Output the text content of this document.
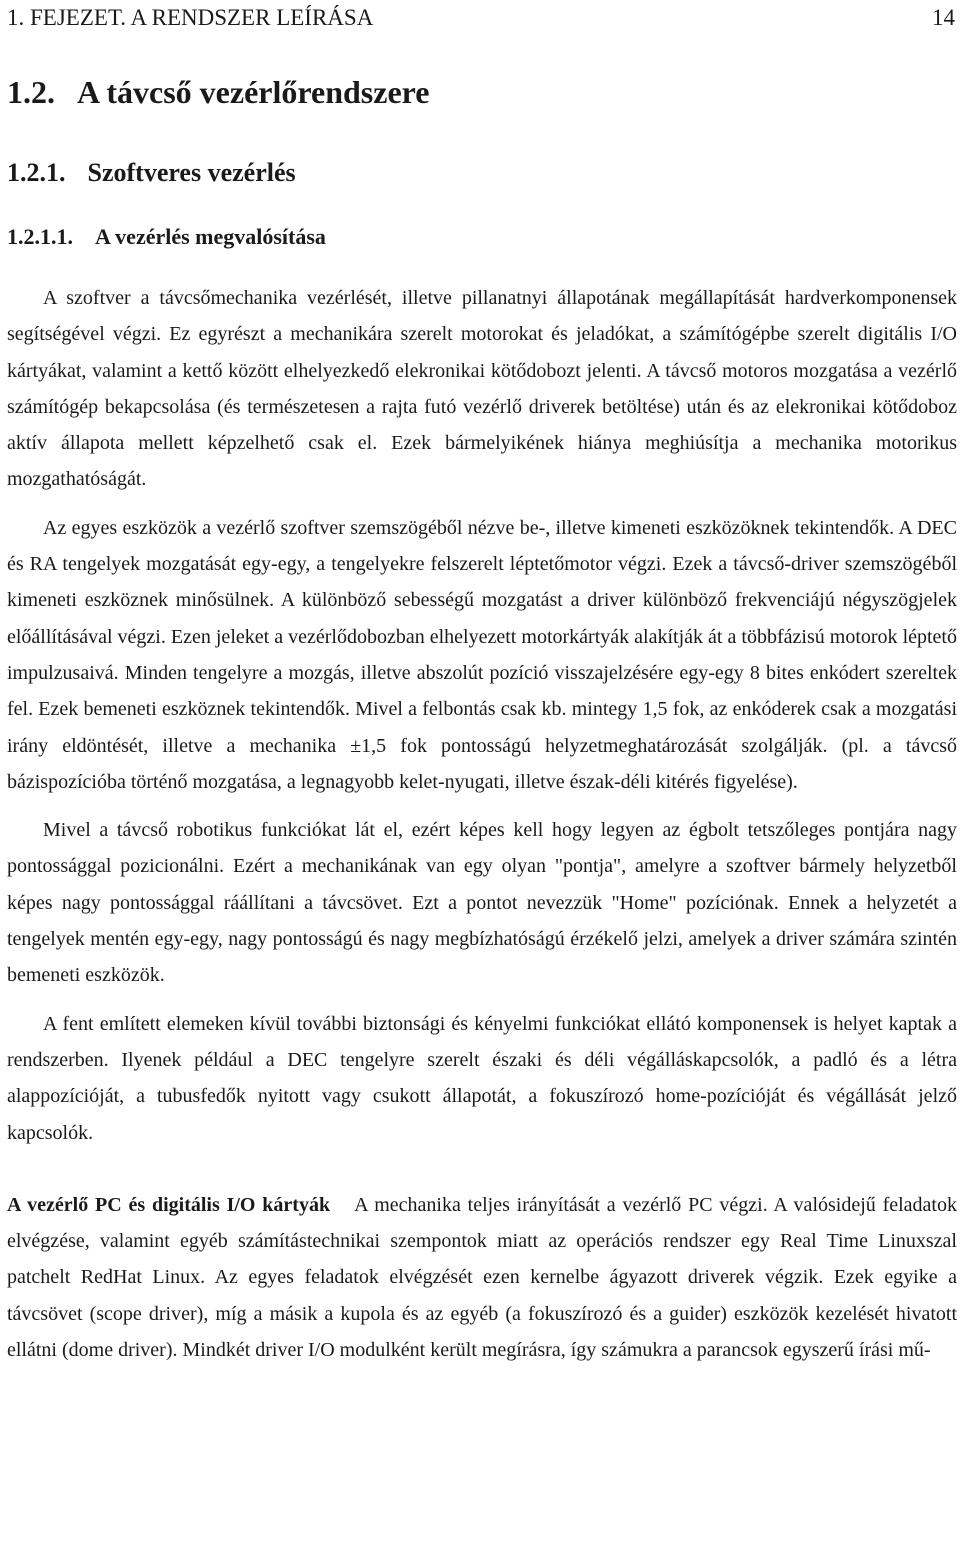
1. FEJEZET. A RENDSZER LEÍRÁSA	14
1.2. A távcső vezérlőrendszere
1.2.1. Szoftveres vezérlés
1.2.1.1. A vezérlés megvalósítása

A szoftver a távcsőmechanika vezérlését, illetve pillanatnyi állapotának megállapítását hardverkomponensek segítségével végzi. Ez egyrészt a mechanikára szerelt motorokat és jeladókat, a számítógépbe szerelt digitális I/O kártyákat, valamint a kettő között elhelyezkedő elekronikai kötődobozt jelenti. A távcső motoros mozgatása a vezérlő számítógép bekapcsolása (és természetesen a rajta futó vezérlő driverek betöltése) után és az elekronikai kötődoboz aktív állapota mellett képzelhető csak el. Ezek bármelyikének hiánya meghiúsítja a mechanika motorikus mozgathatóságát.

Az egyes eszközök a vezérlő szoftver szemszögéből nézve be-, illetve kimeneti eszközöknek tekintendők. A DEC és RA tengelyek mozgatását egy-egy, a tengelyekre felszerelt léptetőmotor végzi. Ezek a távcső-driver szemszögéből kimeneti eszköznek minősülnek. A különböző sebességű mozgatást a driver különböző frekvenciájú négyszögjelek előállításával végzi. Ezen jeleket a vezérlődobozban elhelyezett motorkártyák alakítják át a többfázisú motorok léptető impulzusaivá. Minden tengelyre a mozgás, illetve abszolút pozíció visszajelzésére egy-egy 8 bites enkódert szereltek fel. Ezek bemeneti eszköznek tekintendők. Mivel a felbontás csak kb. mintegy 1,5 fok, az enkóderek csak a mozgatási irány eldöntését, illetve a mechanika ±1,5 fok pontosságú helyzetmeghatározását szolgálják. (pl. a távcső bázispozícióba történő mozgatása, a legnagyobb kelet-nyugati, illetve észak-déli kitérés figyelése).

Mivel a távcső robotikus funkciókat lát el, ezért képes kell hogy legyen az égbolt tetszőleges pontjára nagy pontossággal pozicionálni. Ezért a mechanikának van egy olyan "pontja", amelyre a szoftver bármely helyzetből képes nagy pontossággal ráállítani a távcsövet. Ezt a pontot nevezzük "Home" pozíciónak. Ennek a helyzetét a tengelyek mentén egy-egy, nagy pontosságú és nagy megbízhatóságú érzékelő jelzi, amelyek a driver számára szintén bemeneti eszközök.

A fent említett elemeken kívül további biztonsági és kényelmi funkciókat ellátó komponensek is helyet kaptak a rendszerben. Ilyenek például a DEC tengelyre szerelt északi és déli végálláskapcsolók, a padló és a létra alappozícióját, a tubusfedők nyitott vagy csukott állapotát, a fokuszírozó home-pozícióját és végállását jelző kapcsolók.

A vezérlő PC és digitális I/O kártyák A mechanika teljes irányítását a vezérlő PC végzi. A valósidejű feladatok elvégzése, valamint egyéb számítástechnikai szempontok miatt az operációs rendszer egy Real Time Linuxszal patchelt RedHat Linux. Az egyes feladatok elvégzését ezen kernelbe ágyazott driverek végzik. Ezek egyike a távcsövet (scope driver), míg a másik a kupola és az egyéb (a fokuszírozó és a guider) eszközök kezelését hivatott ellátni (dome driver). Mindkét driver I/O modulként került megírásra, így számukra a parancsok egyszerű írási mű-
